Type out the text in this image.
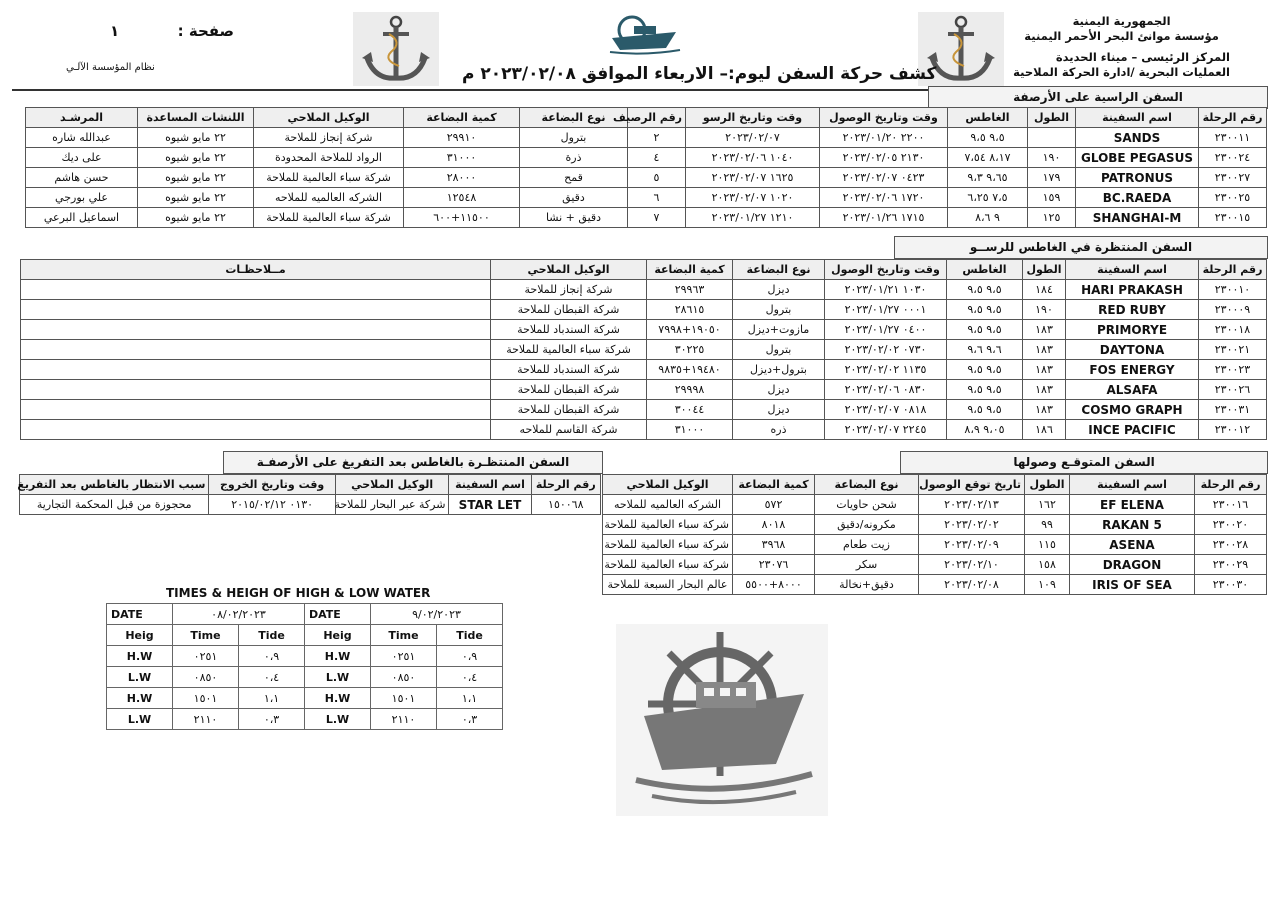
الجمهورية اليمنية
مؤسسة موانئ البحر الأحمر اليمنية
المركز الرئيسى – ميناء الحديدة
العمليات البحرية /ادارة الحركة الملاحية
صفحة :  ١
نظام المؤسسة الآلـي	كشف حركة السفن ليوم:– الاربعاء الموافق ٢٠٢٣/٠٢/٠٨ م
السفن الراسية على الأرصفة
رقم الرحلة	اسم السفينة	الطول	الغاطس	وقت وتاريخ الوصول	وقت وتاريخ الرسو	رقم الرصيف	نوع البضاعة	كمية البضاعة	الوكيل الملاحي	اللنشات المساعدة	المرشـد
٢٣٠٠١١	SANDS		٩،٥ ٩،٥	٢٢٠٠ ٢٠٢٣/٠١/٢٠	٢٠٢٣/٠٢/٠٧	٢	بترول	٢٩٩١٠	شركة إنجاز للملاحة	٢٢ مايو شيوه	عبدالله شاره
٢٣٠٠٢٤	GLOBE PEGASUS	١٩٠	٨،١٧ ٧،٥٤	٢١٣٠ ٢٠٢٣/٠٢/٠٥	١٠٤٠ ٢٠٢٣/٠٢/٠٦	٤	ذرة	٣١٠٠٠	الرواد للملاحة المحدودة	٢٢ مايو شيوه	على ديك
٢٣٠٠٢٧	PATRONUS	١٧٩	٩،٦٥ ٩،٣	٠٤٢٣ ٢٠٢٣/٠٢/٠٧	١٦٢٥ ٢٠٢٣/٠٢/٠٧	٥	قمح	٢٨٠٠٠	شركة سباء العالمية للملاحة	٢٢ مايو شيوه	حسن هاشم
٢٣٠٠٢٥	BC.RAEDA	١٥٩	٧،٥ ٦،٢٥	١٧٢٠ ٢٠٢٣/٠٢/٠٦	١٠٢٠ ٢٠٢٣/٠٢/٠٧	٦	دقيق	١٢٥٤٨	الشركه العالميه للملاحه	٢٢ مايو شيوه	علي بورجي
٢٣٠٠١٥	SHANGHAI-M	١٢٥	٩ ٨،٦	١٧١٥ ٢٠٢٣/٠١/٢٦	١٢١٠ ٢٠٢٣/٠١/٢٧	٧	دقيق + نشا	١١٥٠٠+٦٠٠	شركة سباء العالمية للملاحة	٢٢ مايو شيوه	اسماعيل البرعي
السفن المنتظرة في الغاطس للرســو
رقم الرحلة	اسم السفينة	الطول	الغاطس	وقت وتاريخ الوصول	نوع البضاعة	كمية البضاعة	الوكيل الملاحي	مــلاحظـات
٢٣٠٠١٠	HARI PRAKASH	١٨٤	٩،٥ ٩،٥	١٠٣٠ ٢٠٢٣/٠١/٢١	ديزل	٢٩٩٦٣	شركة إنجاز للملاحة	
٢٣٠٠٠٩	RED RUBY	١٩٠	٩،٥ ٩،٥	٠٠٠١ ٢٠٢٣/٠١/٢٧	بترول	٢٨٦١٥	شركة القبطان للملاحة	
٢٣٠٠١٨	PRIMORYE	١٨٣	٩،٥ ٩،٥	٠٤٠٠ ٢٠٢٣/٠١/٢٧	مازوت+ديزل	١٩٠٥٠+٧٩٩٨	شركة السندباد للملاحة	
٢٣٠٠٢١	DAYTONA	١٨٣	٩،٦ ٩،٦	٠٧٣٠ ٢٠٢٣/٠٢/٠٢	بترول	٣٠٢٢٥	شركة سباء العالمية للملاحة	
٢٣٠٠٢٣	FOS ENERGY	١٨٣	٩،٥ ٩،٥	١١٣٥ ٢٠٢٣/٠٢/٠٢	بترول+ديزل	١٩٤٨٠+٩٨٣٥	شركة السندباد للملاحة	
٢٣٠٠٢٦	ALSAFA	١٨٣	٩،٥ ٩،٥	٠٨٣٠ ٢٠٢٣/٠٢/٠٦	ديزل	٢٩٩٩٨	شركة القبطان للملاحة	
٢٣٠٠٣١	COSMO GRAPH	١٨٣	٩،٥ ٩،٥	٠٨١٨ ٢٠٢٣/٠٢/٠٧	ديزل	٣٠٠٤٤	شركة القبطان للملاحة	
٢٣٠٠١٢	INCE PACIFIC	١٨٦	٩،٠٥ ٨،٩	٢٢٤٥ ٢٠٢٣/٠٢/٠٧	ذره	٣١٠٠٠	شركة القاسم للملاحه	
السفن المتوقـع وصولها
رقم الرحلة	اسم السفينة	الطول	تاريخ توقع الوصول	نوع البضاعة	كمية البضاعة	الوكيل الملاحي
٢٣٠٠١٦	EF ELENA	١٦٢	٢٠٢٣/٠٢/١٣	شحن حاويات	٥٧٢	الشركه العالميه للملاحه
٢٣٠٠٢٠	RAKAN 5	٩٩	٢٠٢٣/٠٢/٠٢	مكرونه/دقيق	٨٠١٨	شركة سباء العالمية للملاحة
٢٣٠٠٢٨	ASENA	١١٥	٢٠٢٣/٠٢/٠٩	زيت طعام	٣٩٦٨	شركة سباء العالمية للملاحة
٢٣٠٠٢٩	DRAGON	١٥٨	٢٠٢٣/٠٢/١٠	سكر	٢٣٠٧٦	شركة سباء العالمية للملاحة
٢٣٠٠٣٠	IRIS OF SEA	١٠٩	٢٠٢٣/٠٢/٠٨	دقيق+نخالة	٨٠٠٠+٥٥٠٠	عالم البحار السبعة للملاحة
السفن المنتظـرة بالغاطس بعد التفريغ على الأرصفـة
رقم الرحلة	اسم السفينة	الوكيل الملاحي	وقت وتاريخ الخروج	سبب الانتظار بالغاطس بعد التفريغ
١٥٠٠٦٨	STAR LET	شركة عبر البحار للملاحة	٠١٣٠ ٢٠١٥/٠٢/١٢	محجوزة من قبل المحكمة التجارية
TIMES & HEIGH OF HIGH & LOW WATER
DATE	٠٨/٠٢/٢٠٢٣	
Heig	Time	Tide
H.W	٠٢٥١	٠،٩
L.W	٠٨٥٠	٠،٤
H.W	١٥٠١	١،١
L.W	٢١١٠	٠،٣
DATE	٩/٠٢/٢٠٢٣	
Heig	Time	Tide
H.W	٠٢٥١	٠،٩
L.W	٠٨٥٠	٠،٤
H.W	١٥٠١	١،١
L.W	٢١١٠	٠،٣
